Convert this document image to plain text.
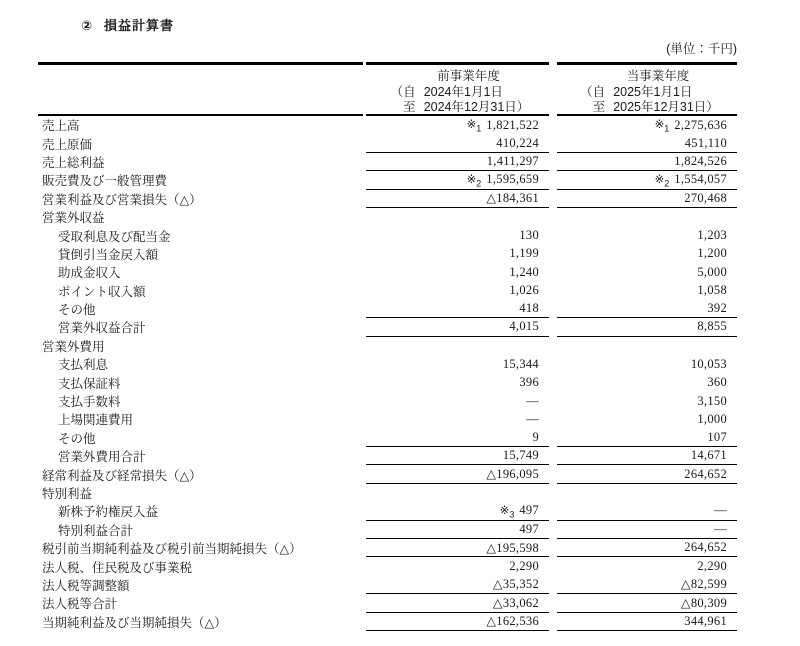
② 損益計算書
(単位：千円)
前事業年度
（自 2024年1月1日
至 2024年12月31日）
当事業年度
（自 2025年1月1日
至 2025年12月31日）
売上高	$※_1$ 1,821,522	$※_1$ 2,275,636
売上原価	410,224	451,110
売上総利益	1,411,297	1,824,526
販売費及び一般管理費	$※_2$ 1,595,659	$※_2$ 1,554,057
営業利益及び営業損失（△）	△184,361	270,468
営業外収益
受取利息及び配当金	130	1,203
貸倒引当金戻入額	1,199	1,200
助成金収入	1,240	5,000
ポイント収入額	1,026	1,058
その他	418	392
営業外収益合計	4,015	8,855
営業外費用
支払利息	15,344	10,053
支払保証料	396	360
支払手数料	—	3,150
上場関連費用	—	1,000
その他	9	107
営業外費用合計	15,749	14,671
経常利益及び経常損失（△）	△196,095	264,652
特別利益
新株予約権戻入益	$※_3$ 497	—
特別利益合計	497	—
税引前当期純利益及び税引前当期純損失（△）	△195,598	264,652
法人税、住民税及び事業税	2,290	2,290
法人税等調整額	△35,352	△82,599
法人税等合計	△33,062	△80,309
当期純利益及び当期純損失（△）	△162,536	344,961
